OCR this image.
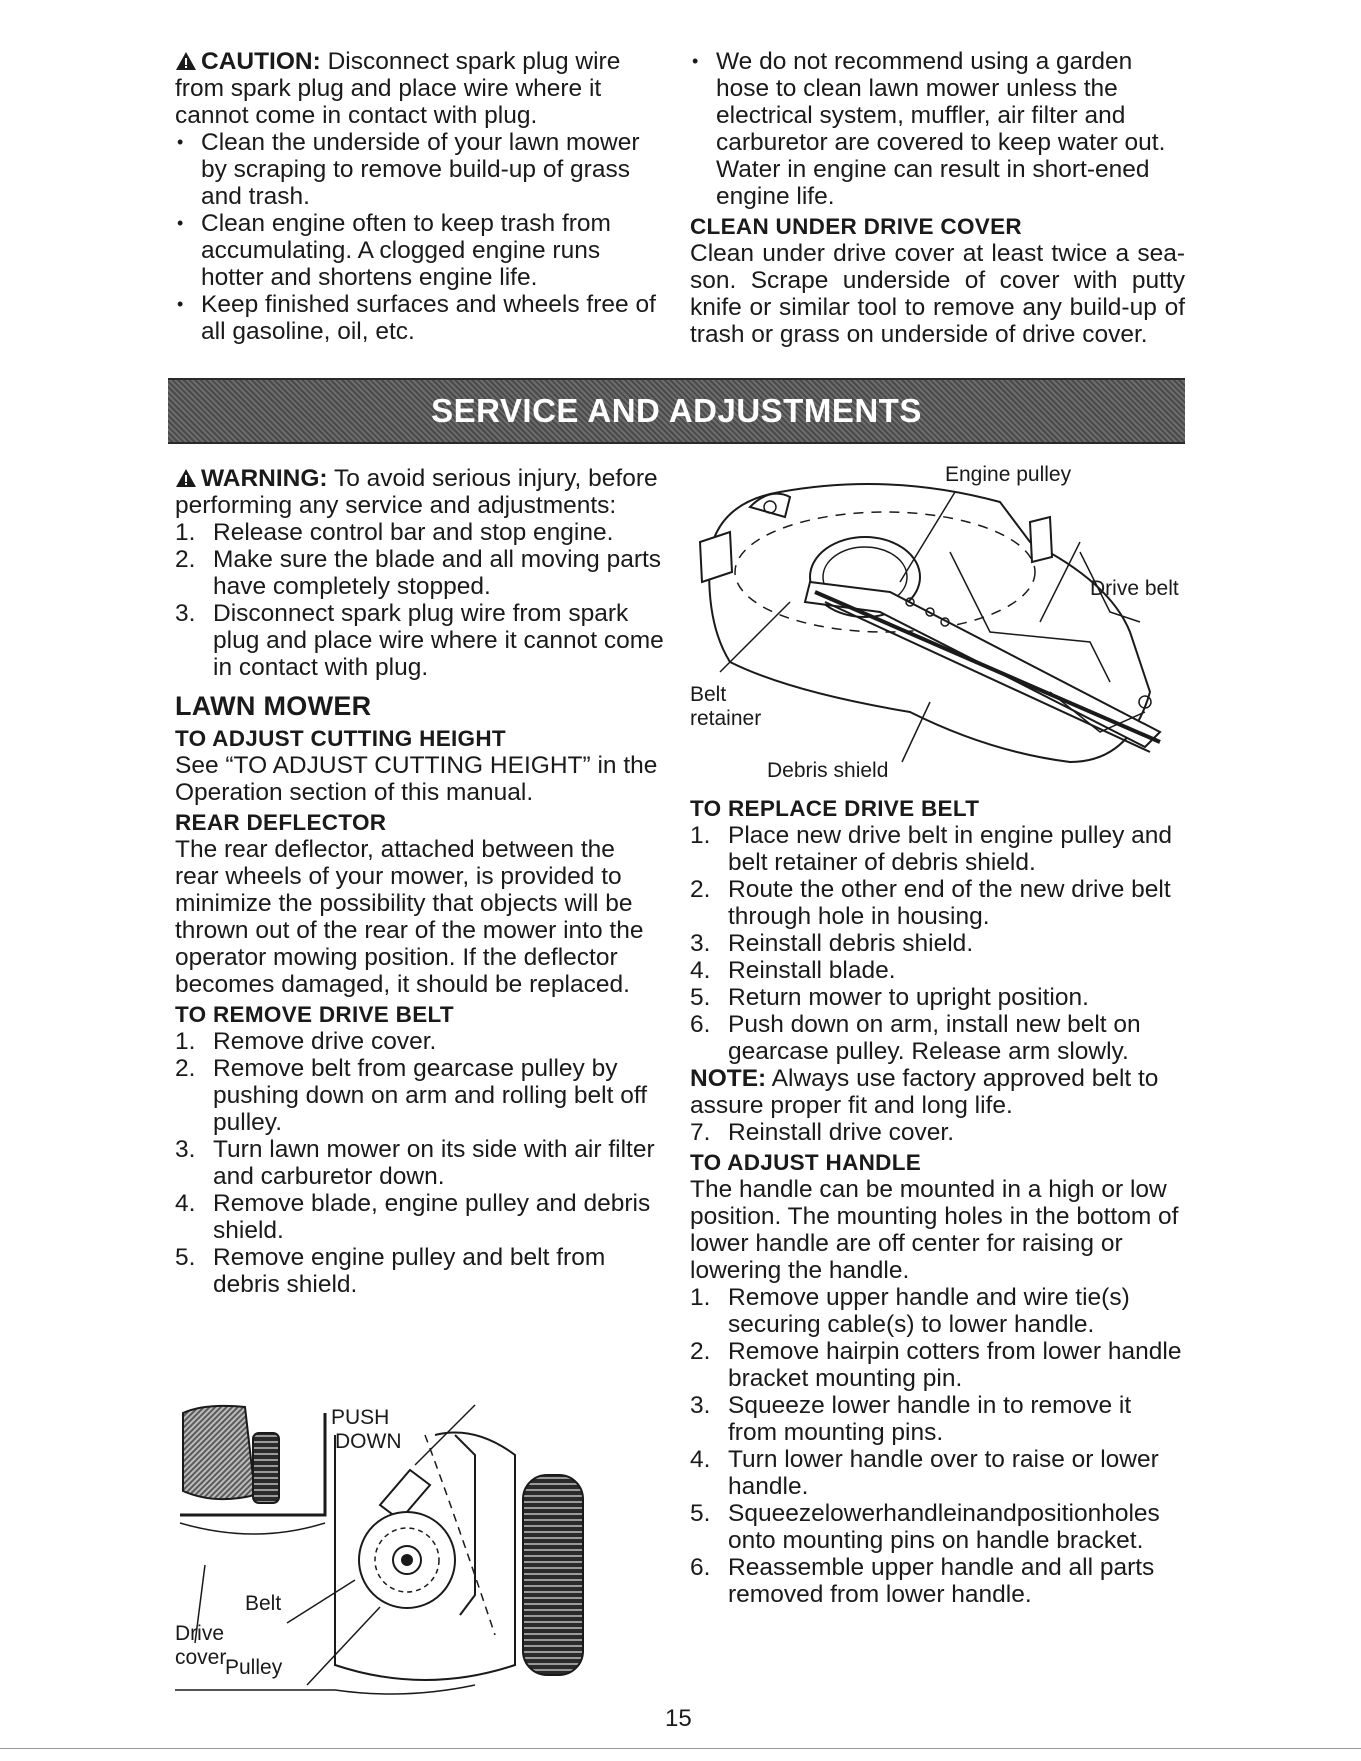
CAUTION: Disconnect spark plug wire from spark plug and place wire where it cannot come in contact with plug.

• Clean the underside of your lawn mower by scraping to remove build-up of grass and trash.
• Clean engine often to keep trash from accumulating. A clogged engine runs hotter and shortens engine life.
• Keep finished surfaces and wheels free of all gasoline, oil, etc.
• We do not recommend using a garden hose to clean lawn mower unless the electrical system, muffler, air filter and carburetor are covered to keep water out. Water in engine can result in short-ened engine life.
CLEAN UNDER DRIVE COVER

Clean under drive cover at least twice a sea-son. Scrape underside of cover with putty knife or similar tool to remove any build-up of trash or grass on underside of drive cover.

SERVICE AND ADJUSTMENTS

WARNING: To avoid serious injury, before performing any service and adjustments:

1. Release control bar and stop engine.
2. Make sure the blade and all moving parts have completely stopped.
3. Disconnect spark plug wire from spark plug and place wire where it cannot come in contact with plug.
LAWN MOWER
TO ADJUST CUTTING HEIGHT

See “TO ADJUST CUTTING HEIGHT” in the Operation section of this manual.

REAR DEFLECTOR

The rear deflector, attached between the rear wheels of your mower, is provided to minimize the possibility that objects will be thrown out of the rear of the mower into the operator mowing position. If the deflector becomes damaged, it should be replaced.

TO REMOVE DRIVE BELT
1. Remove drive cover.
2. Remove belt from gearcase pulley by pushing down on arm and rolling belt off pulley.
3. Turn lawn mower on its side with air filter and carburetor down.
4. Remove blade, engine pulley and debris shield.
5. Remove engine pulley and belt from debris shield.
PUSH
DOWN
Belt
Drive
cover
Pulley
Engine pulley
Drive belt
Belt
retainer
Debris shield
TO REPLACE DRIVE BELT
1. Place new drive belt in engine pulley and belt retainer of debris shield.
2. Route the other end of the new drive belt through hole in housing.
3. Reinstall debris shield.
4. Reinstall blade.
5. Return mower to upright position.
6. Push down on arm, install new belt on gearcase pulley. Release arm slowly.

NOTE: Always use factory approved belt to assure proper fit and long life.

7. Reinstall drive cover.
TO ADJUST HANDLE

The handle can be mounted in a high or low position. The mounting holes in the bottom of lower handle are off center for raising or lowering the handle.

1. Remove upper handle and wire tie(s) securing cable(s) to lower handle.
2. Remove hairpin cotters from lower handle bracket mounting pin.
3. Squeeze lower handle in to remove it from mounting pins.
4. Turn lower handle over to raise or lower handle.
5. Squeezelowerhandleinandpositionholes onto mounting pins on handle bracket.
6. Reassemble upper handle and all parts removed from lower handle.
15
